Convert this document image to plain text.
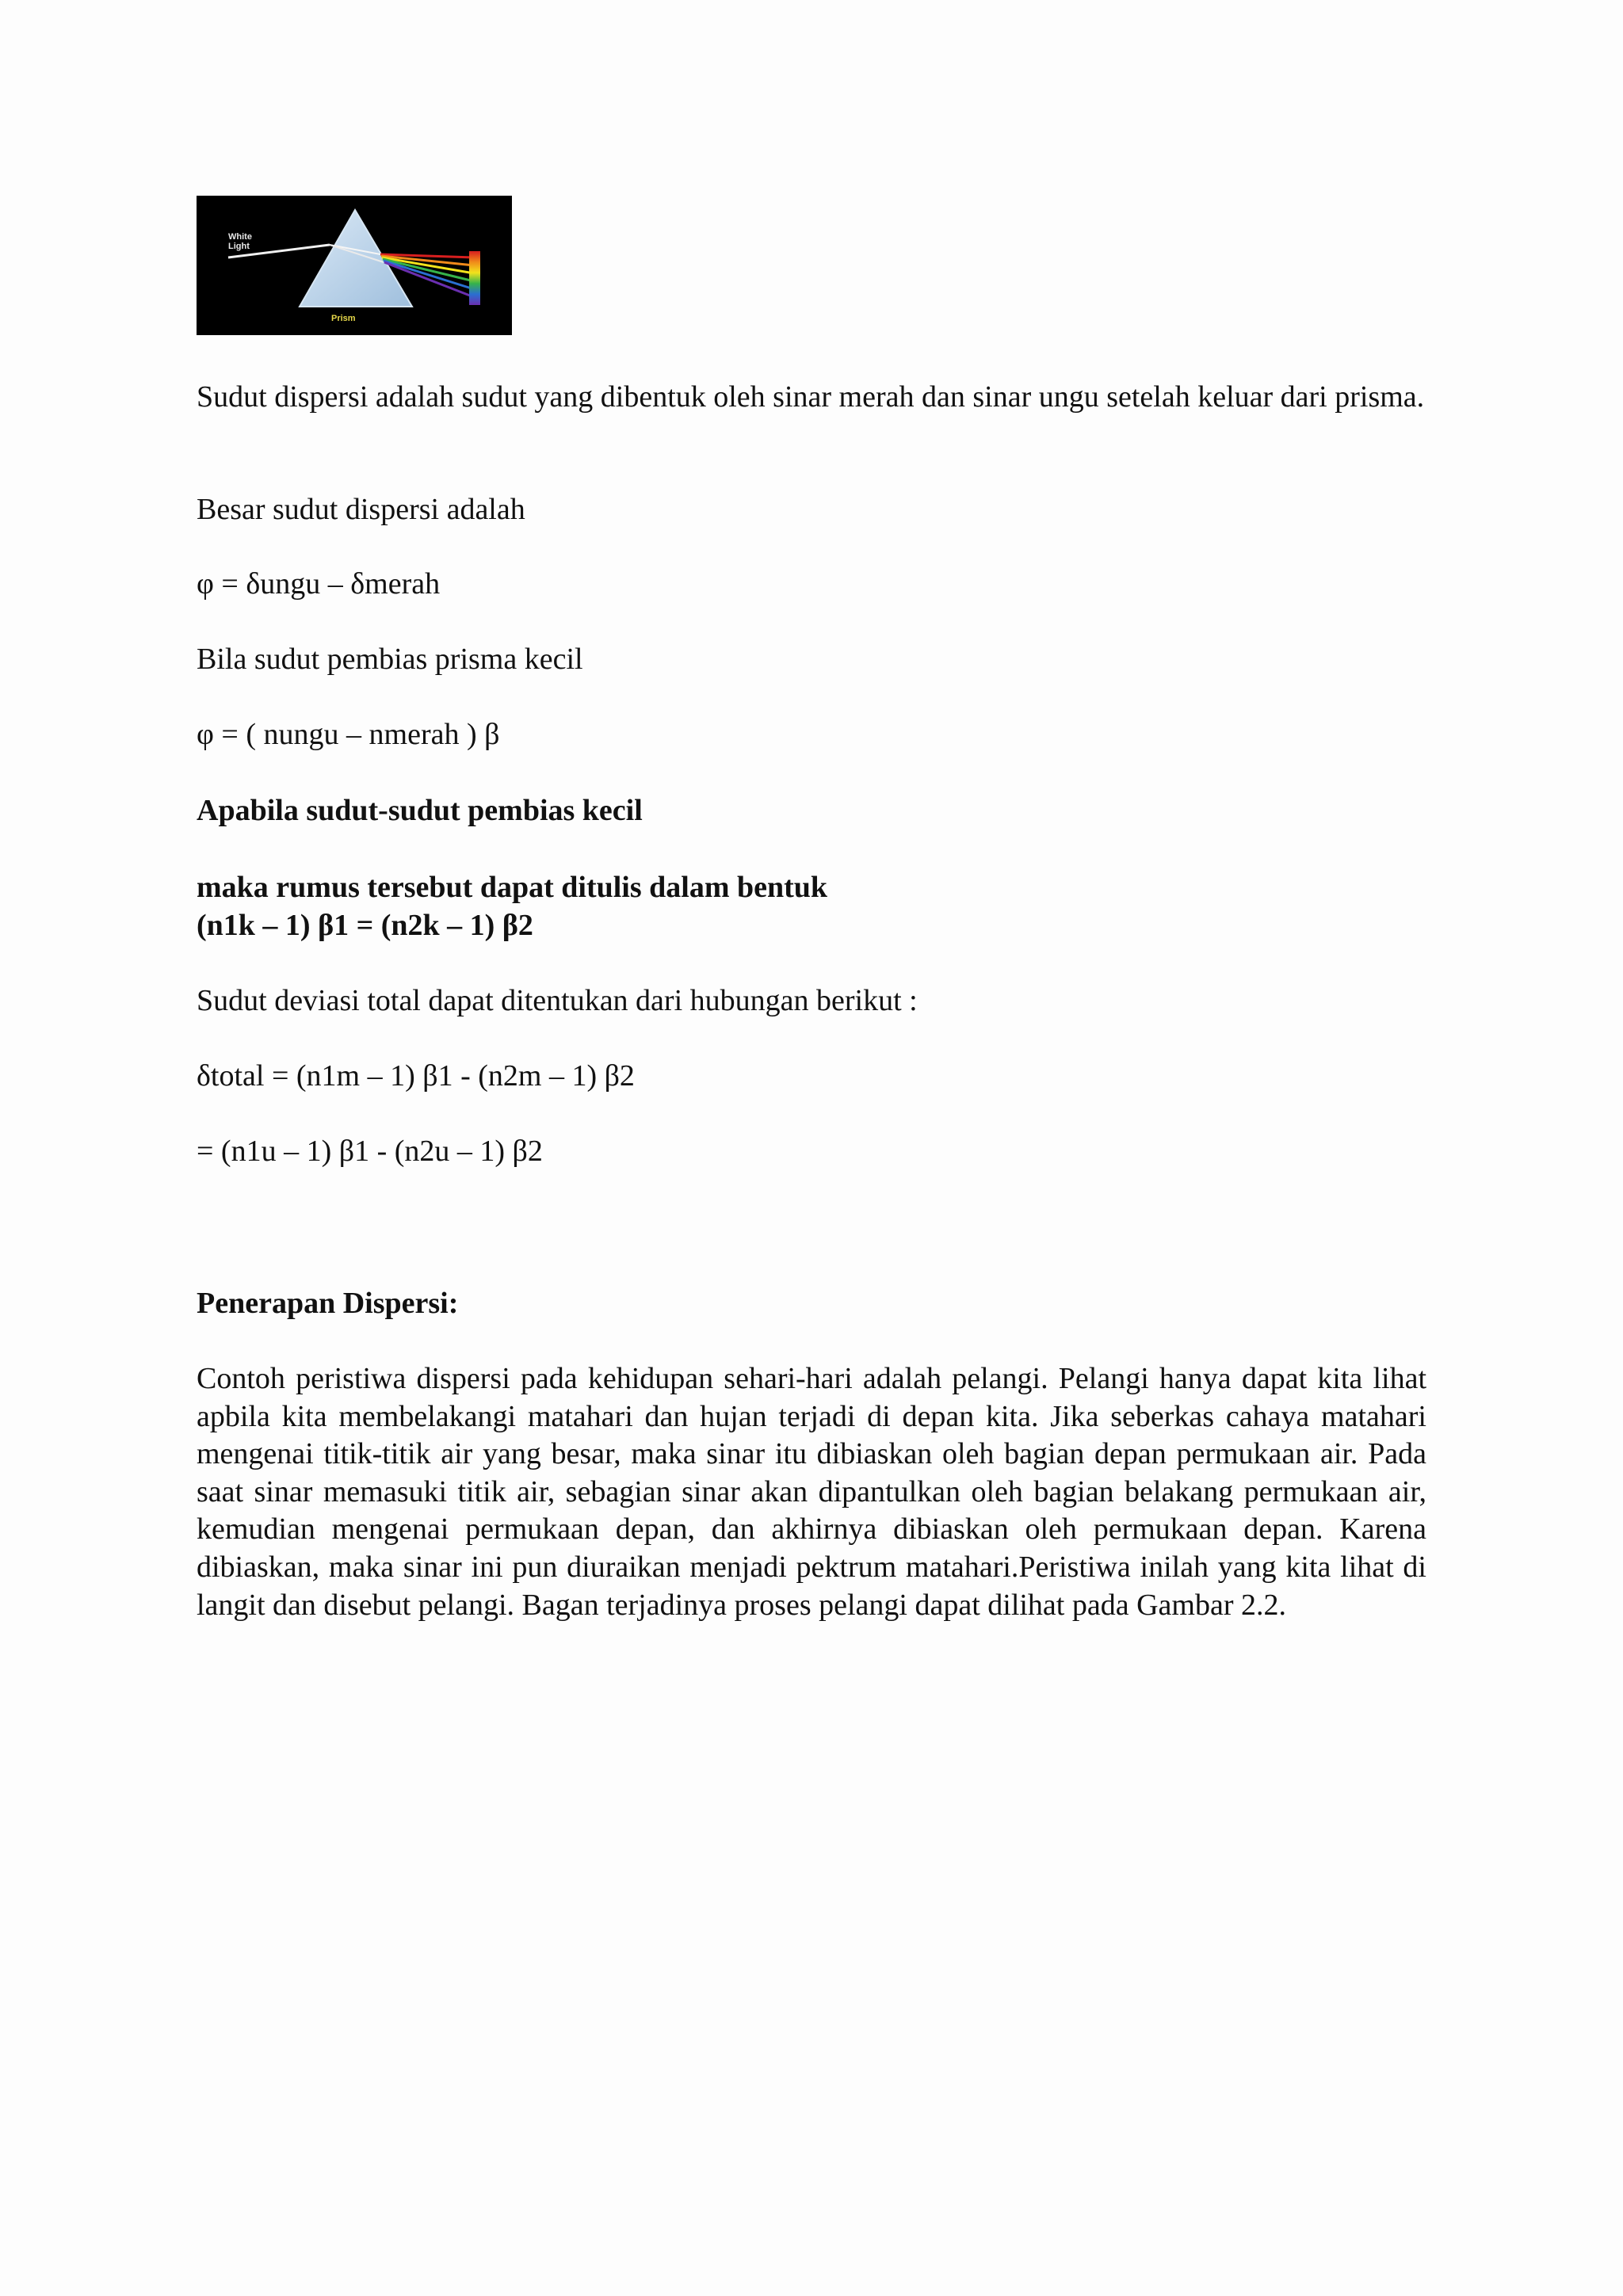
White Light
Prism

Sudut dispersi adalah sudut yang dibentuk oleh sinar merah dan sinar ungu setelah keluar dari prisma.

Besar sudut dispersi adalah

φ = δungu – δmerah

Bila sudut pembias prisma kecil

φ = ( nungu – nmerah ) β

Apabila sudut-sudut pembias kecil

maka rumus tersebut dapat ditulis dalam bentuk

(n1k – 1) β1 = (n2k – 1) β2

Sudut deviasi total dapat ditentukan dari hubungan berikut :

δtotal = (n1m – 1) β1 - (n2m – 1) β2

= (n1u – 1) β1 - (n2u – 1) β2

Penerapan Dispersi:

Contoh peristiwa dispersi pada kehidupan sehari-hari adalah pelangi. Pelangi hanya dapat kita lihat apbila kita membelakangi matahari dan hujan terjadi di depan kita. Jika seberkas cahaya matahari mengenai titik-titik air yang besar, maka sinar itu dibiaskan oleh bagian depan permukaan air. Pada saat sinar memasuki titik air, sebagian sinar akan dipantulkan oleh bagian belakang permukaan air, kemudian mengenai permukaan depan, dan akhirnya dibiaskan oleh permukaan depan. Karena dibiaskan, maka sinar ini pun diuraikan menjadi pektrum matahari.Peristiwa inilah yang kita lihat di langit dan disebut pelangi. Bagan terjadinya proses pelangi dapat dilihat pada Gambar 2.2.
